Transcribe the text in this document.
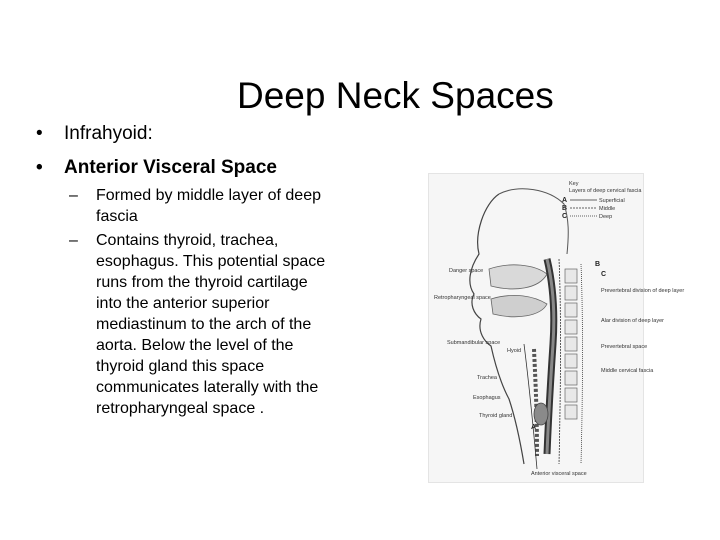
Deep Neck Spaces
• Infrahyoid:
• Anterior Visceral Space
– Formed by middle layer of deep fascia
– Contains thyroid, trachea, esophagus. This potential space runs from the thyroid cartilage into the anterior superior mediastinum to the arch of the aorta. Below the level of the thyroid gland this space communicates laterally with the retropharyngeal space .
Key
Layers of deep cervical fascia
A	Superficial
B	Middle
C	Deep
B
C
A
Danger space
Retropharyngeal space
Submandibular space
Hyoid
Trachea
Esophagus
Thyroid gland
Prevertebral division of deep layer
Alar division of deep layer
Prevertebral space
Middle cervical fascia
Anterior visceral space
